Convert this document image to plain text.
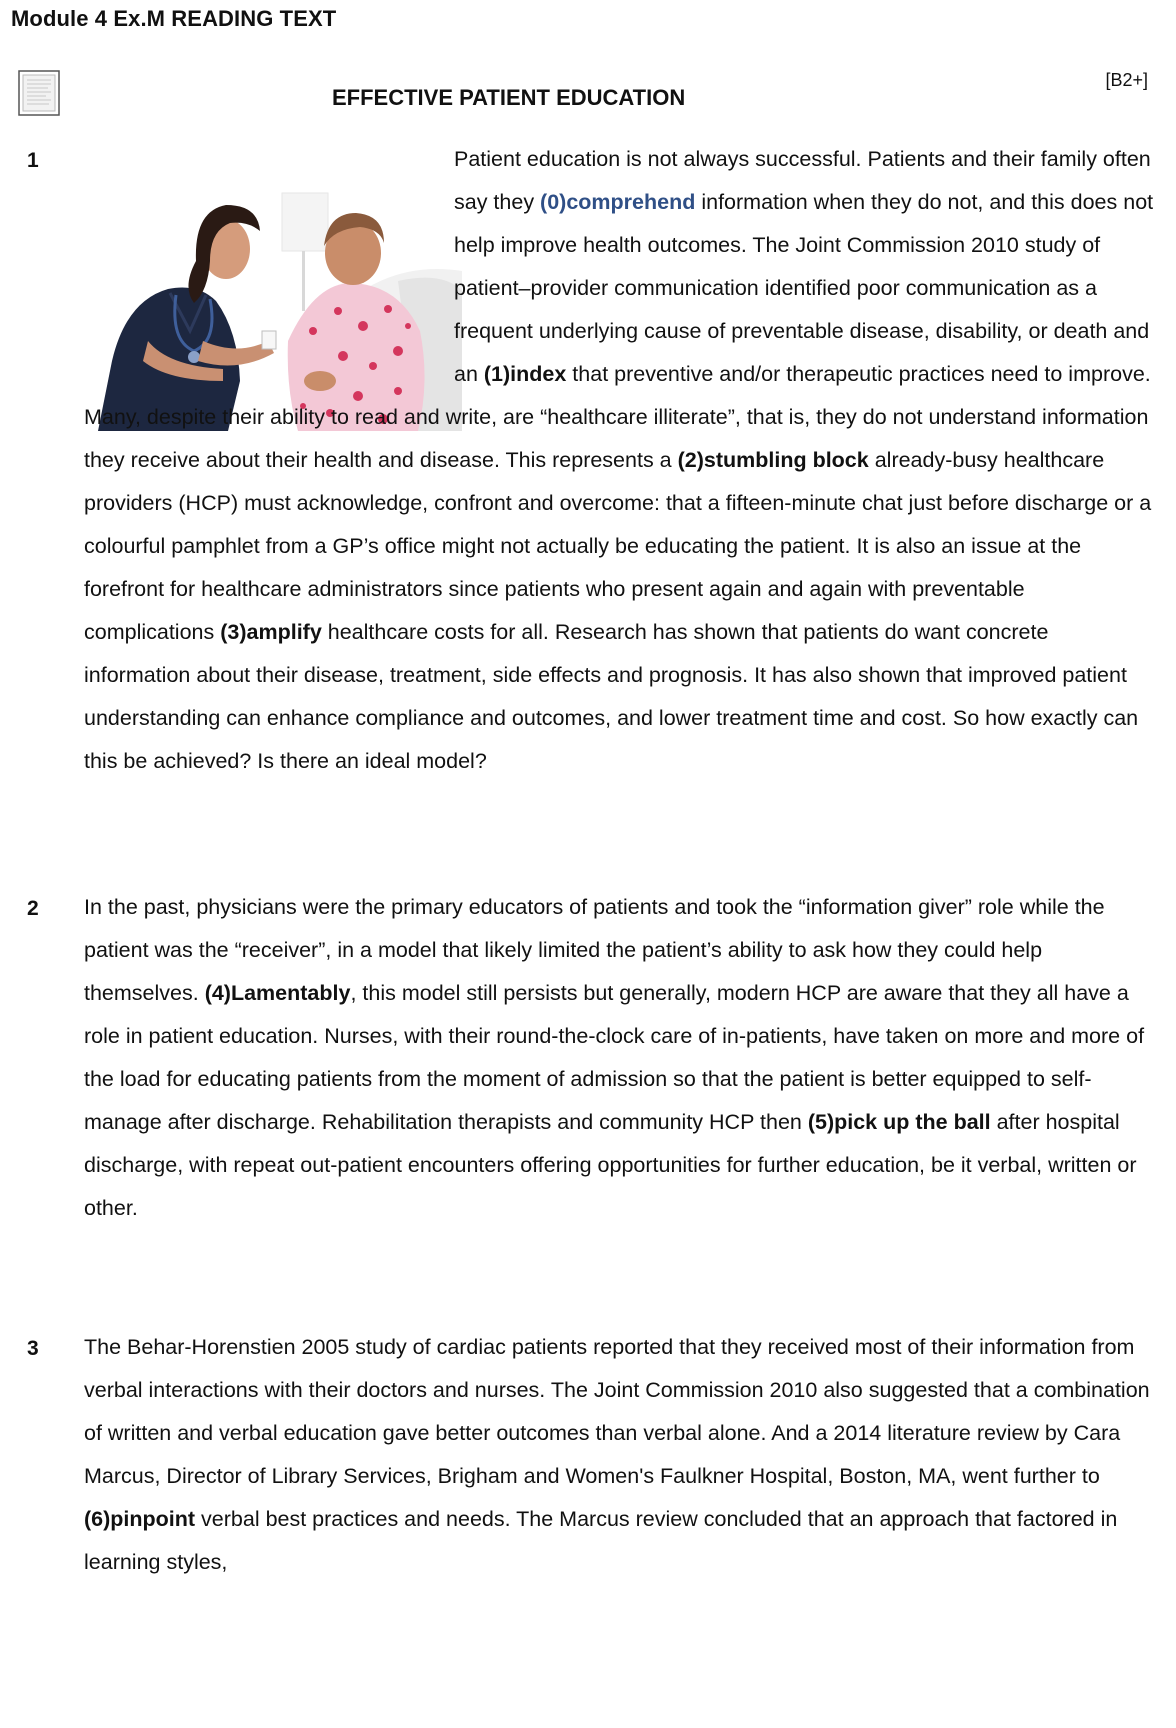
Module 4 Ex.M READING TEXT
[B2+]
EFFECTIVE PATIENT EDUCATION
1	Patient education is not always successful. Patients and their family often say they (0)comprehend information when they do not, and this does not help improve health outcomes. The Joint Commission 2010 study of patient–provider communication identified poor communication as a frequent underlying cause of preventable disease, disability, or death and an (1)index that preventive and/or therapeutic practices need to improve. Many, despite their ability to read and write, are “healthcare illiterate”, that is, they do not understand information they receive about their health and disease. This represents a (2)stumbling block already-busy healthcare providers (HCP) must acknowledge, confront and overcome: that a fifteen-minute chat just before discharge or a colourful pamphlet from a GP’s office might not actually be educating the patient. It is also an issue at the forefront for healthcare administrators since patients who present again and again with preventable complications (3)amplify healthcare costs for all. Research has shown that patients do want concrete information about their disease, treatment, side effects and prognosis. It has also shown that improved patient understanding can enhance compliance and outcomes, and lower treatment time and cost. So how exactly can this be achieved? Is there an ideal model?

2 In the past, physicians were the primary educators of patients and took the “information giver” role while the patient was the “receiver”, in a model that likely limited the patient’s ability to ask how they could help themselves. (4)Lamentably, this model still persists but generally, modern HCP are aware that they all have a role in patient education. Nurses, with their round-the-clock care of in-patients, have taken on more and more of the load for educating patients from the moment of admission so that the patient is better equipped to self-manage after discharge. Rehabilitation therapists and community HCP then (5)pick up the ball after hospital discharge, with repeat out-patient encounters offering opportunities for further education, be it verbal, written or other.

3 The Behar-Horenstien 2005 study of cardiac patients reported that they received most of their information from verbal interactions with their doctors and nurses. The Joint Commission 2010 also suggested that a combination of written and verbal education gave better outcomes than verbal alone. And a 2014 literature review by Cara Marcus, Director of Library Services, Brigham and Women's Faulkner Hospital, Boston, MA, went further to (6)pinpoint verbal best practices and needs. The Marcus review concluded that an approach that factored in learning styles,
